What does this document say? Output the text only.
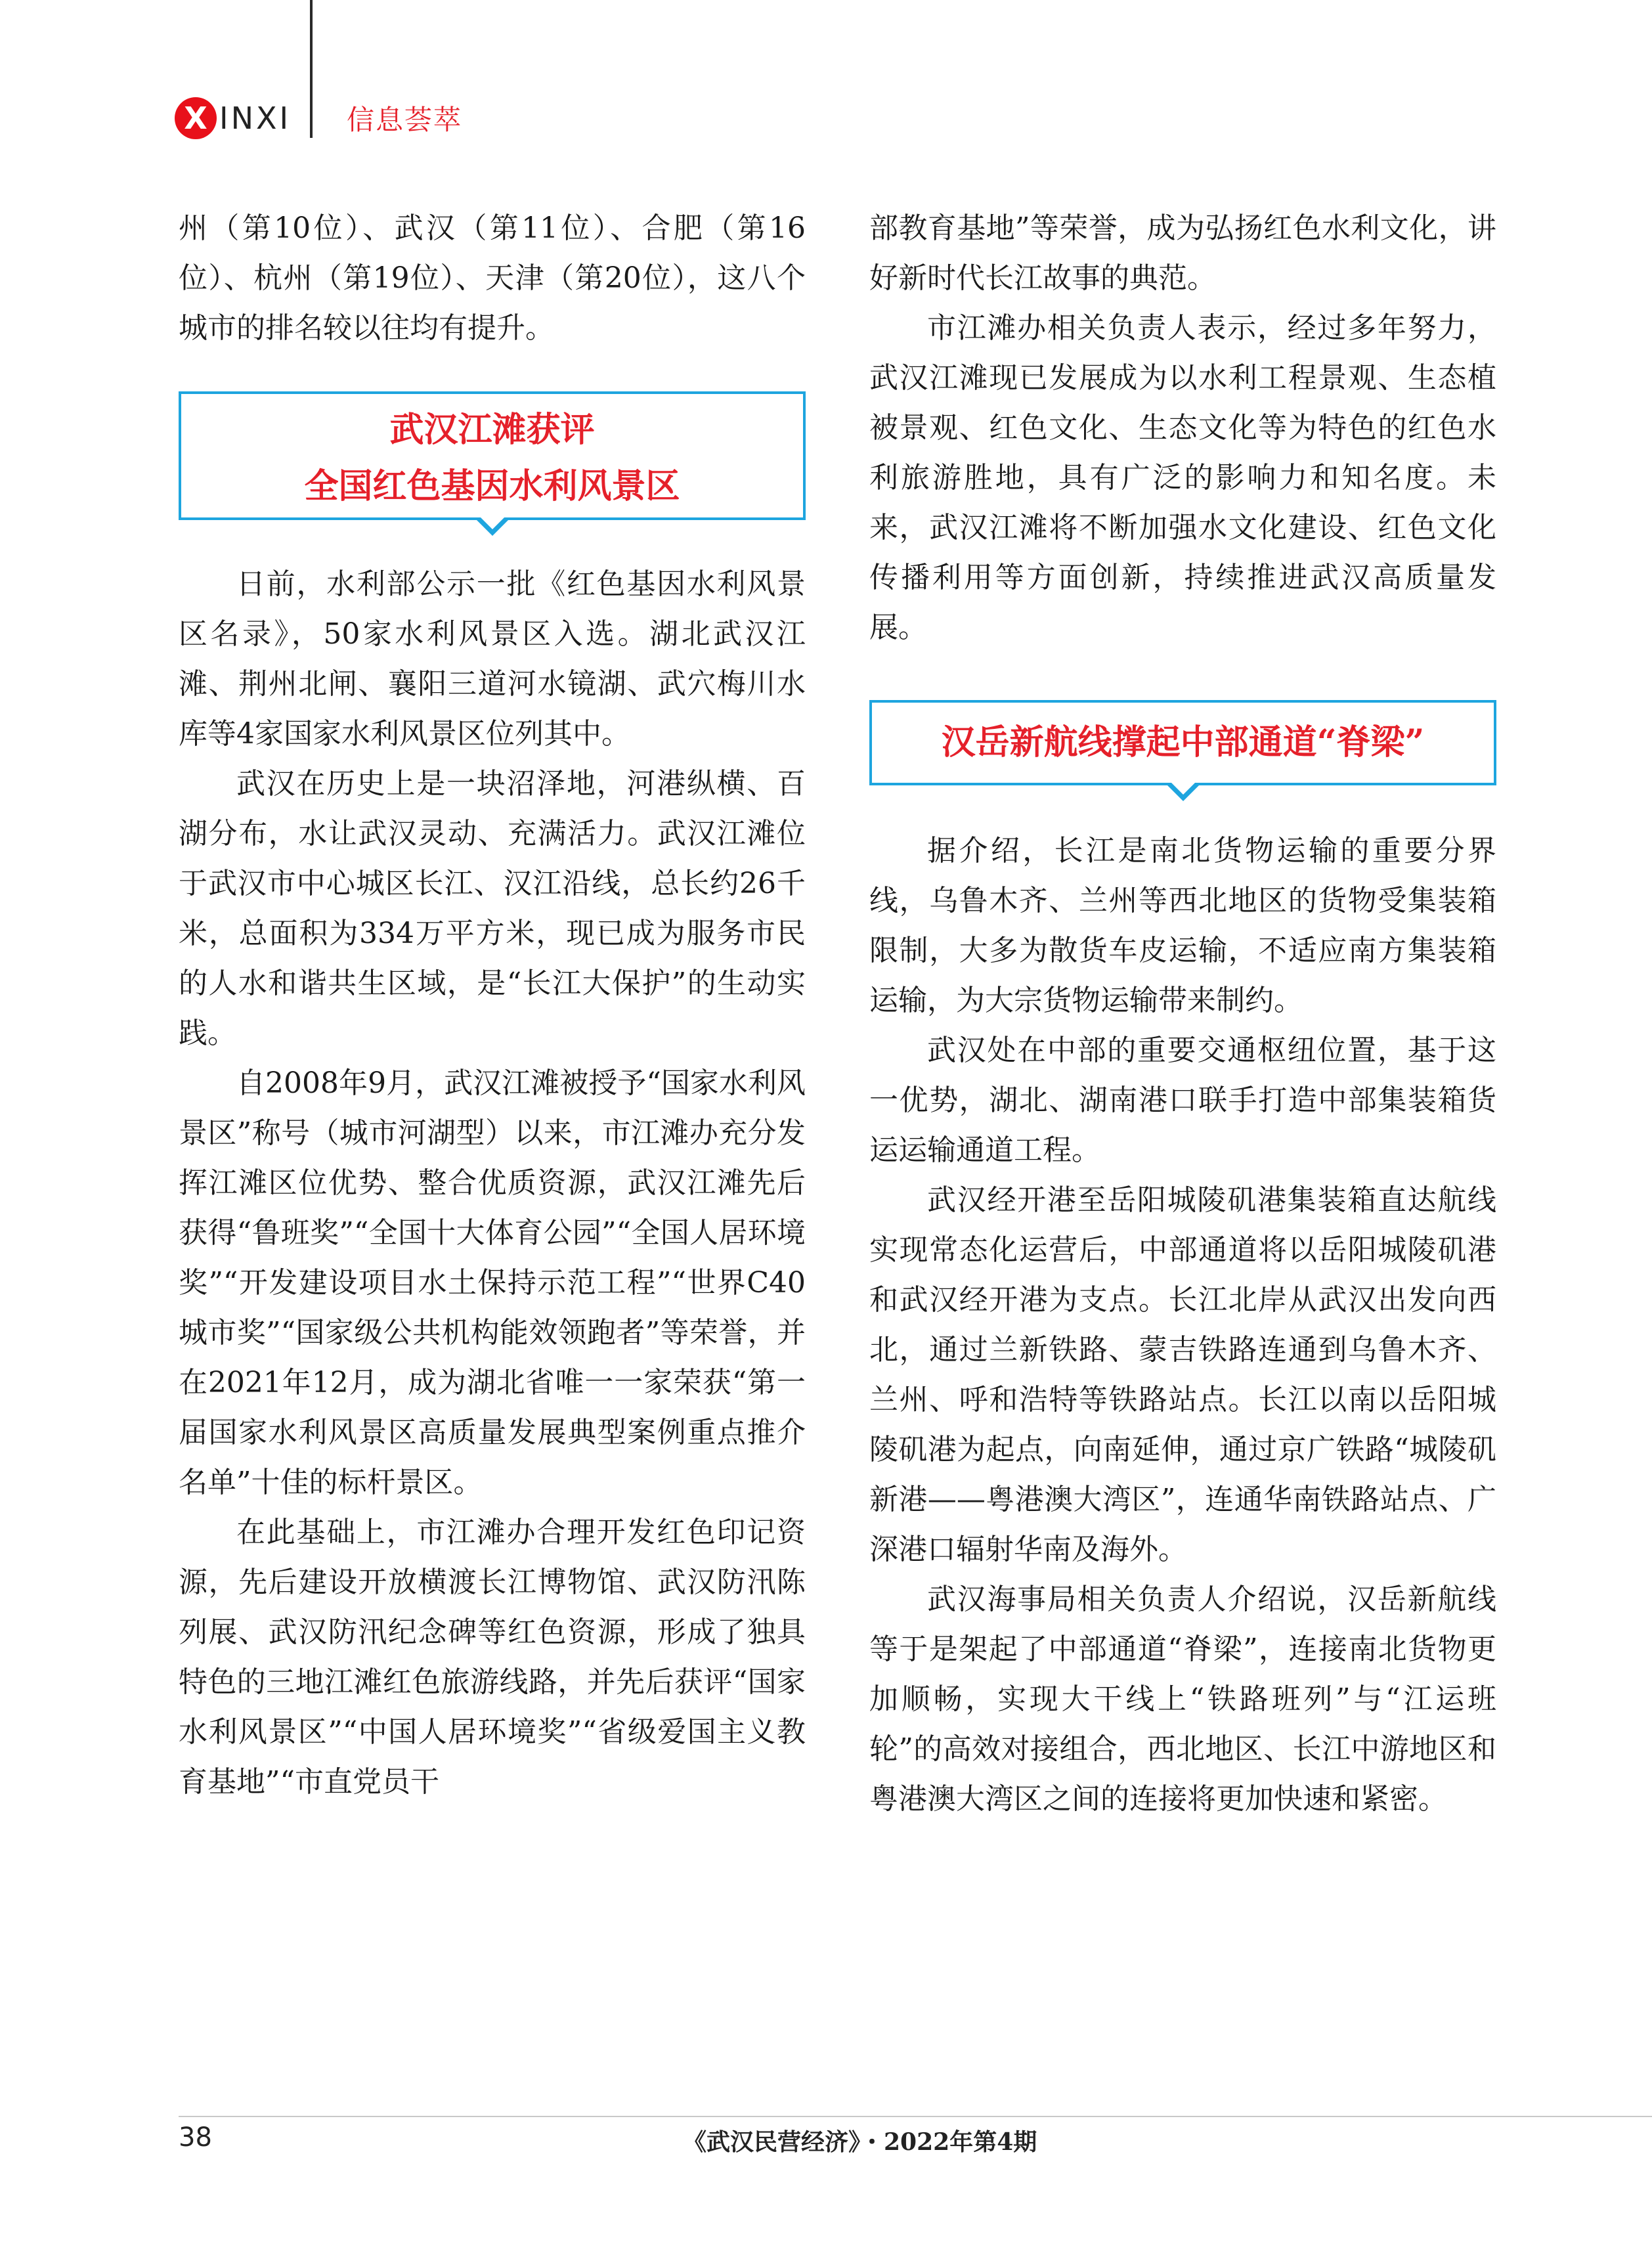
X INXI 信息荟萃

州（第10位）、武汉（第11位）、合肥（第16位）、杭州（第19位）、天津（第20位），这八个城市的排名较以往均有提升。

武汉江滩获评
全国红色基因水利风景区

日前，水利部公示一批《红色基因水利风景区名录》，50家水利风景区入选。湖北武汉江滩、荆州北闸、襄阳三道河水镜湖、武穴梅川水库等4家国家水利风景区位列其中。

武汉在历史上是一块沼泽地，河港纵横、百湖分布，水让武汉灵动、充满活力。武汉江滩位于武汉市中心城区长江、汉江沿线，总长约26千米，总面积为334万平方米，现已成为服务市民的人水和谐共生区域，是“长江大保护”的生动实践。

自2008年9月，武汉江滩被授予“国家水利风景区”称号（城市河湖型）以来，市江滩办充分发挥江滩区位优势、整合优质资源，武汉江滩先后获得“鲁班奖”“全国十大体育公园”“全国人居环境奖”“开发建设项目水土保持示范工程”“世界C40城市奖”“国家级公共机构能效领跑者”等荣誉，并在2021年12月，成为湖北省唯一一家荣获“第一届国家水利风景区高质量发展典型案例重点推介名单”十佳的标杆景区。

在此基础上，市江滩办合理开发红色印记资源，先后建设开放横渡长江博物馆、武汉防汛陈列展、武汉防汛纪念碑等红色资源，形成了独具特色的三地江滩红色旅游线路，并先后获评“国家水利风景区”“中国人居环境奖”“省级爱国主义教育基地”“市直党员干

部教育基地”等荣誉，成为弘扬红色水利文化，讲好新时代长江故事的典范。

市江滩办相关负责人表示，经过多年努力，武汉江滩现已发展成为以水利工程景观、生态植被景观、红色文化、生态文化等为特色的红色水利旅游胜地，具有广泛的影响力和知名度。未来，武汉江滩将不断加强水文化建设、红色文化传播利用等方面创新，持续推进武汉高质量发展。

汉岳新航线撑起中部通道“脊梁”

据介绍，长江是南北货物运输的重要分界线，乌鲁木齐、兰州等西北地区的货物受集装箱限制，大多为散货车皮运输，不适应南方集装箱运输，为大宗货物运输带来制约。

武汉处在中部的重要交通枢纽位置，基于这一优势，湖北、湖南港口联手打造中部集装箱货运运输通道工程。

武汉经开港至岳阳城陵矶港集装箱直达航线实现常态化运营后，中部通道将以岳阳城陵矶港和武汉经开港为支点。长江北岸从武汉出发向西北，通过兰新铁路、蒙吉铁路连通到乌鲁木齐、兰州、呼和浩特等铁路站点。长江以南以岳阳城陵矶港为起点，向南延伸，通过京广铁路“城陵矶新港——粤港澳大湾区”，连通华南铁路站点、广深港口辐射华南及海外。

武汉海事局相关负责人介绍说，汉岳新航线等于是架起了中部通道“脊梁”，连接南北货物更加顺畅，实现大干线上“铁路班列”与“江运班轮”的高效对接组合，西北地区、长江中游地区和粤港澳大湾区之间的连接将更加快速和紧密。

38	《武汉民营经济》・2022年第4期
